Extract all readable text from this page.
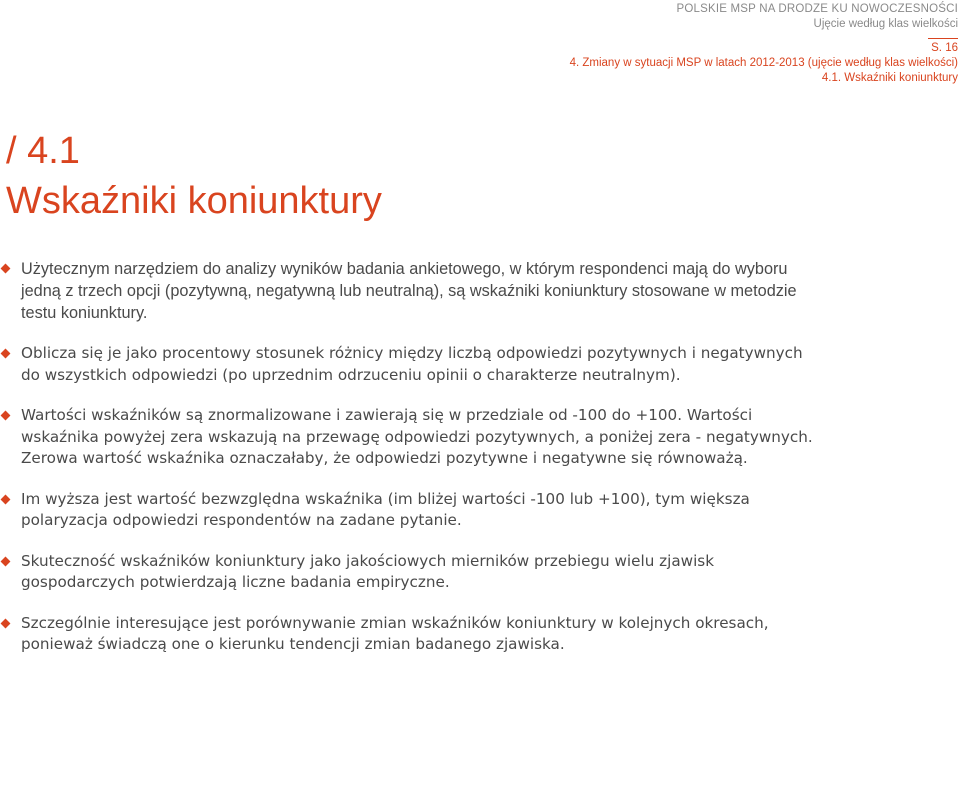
POLSKIE MSP NA DRODZE KU NOWOCZESNOŚCI
Ujęcie według klas wielkości
S. 16
4. Zmiany w sytuacji MSP w latach 2012-2013 (ujęcie według klas wielkości)
4.1. Wskaźniki koniunktury
/ 4.1
Wskaźniki koniunktury
Użytecznym narzędziem do analizy wyników badania ankietowego, w którym respondenci mają do wyboru jedną z trzech opcji (pozytywną, negatywną lub neutralną), są wskaźniki koniunktury stosowane w metodzie testu koniunktury.
Oblicza się je jako procentowy stosunek różnicy między liczbą odpowiedzi pozytywnych i negatywnych do wszystkich odpowiedzi (po uprzednim odrzuceniu opinii o charakterze neutralnym).
Wartości wskaźników są znormalizowane i zawierają się w przedziale od -100 do +100. Wartości wskaźnika powyżej zera wskazują na przewagę odpowiedzi pozytywnych, a poniżej zera - negatywnych. Zerowa wartość wskaźnika oznaczałaby, że odpowiedzi pozytywne i negatywne się równoważą.
Im wyższa jest wartość bezwzględna wskaźnika (im bliżej wartości -100 lub +100), tym większa polaryzacja odpowiedzi respondentów na zadane pytanie.
Skuteczność wskaźników koniunktury jako jakościowych mierników przebiegu wielu zjawisk gospodarczych potwierdzają liczne badania empiryczne.
Szczególnie interesujące jest porównywanie zmian wskaźników koniunktury w kolejnych okresach, ponieważ świadczą one o kierunku tendencji zmian badanego zjawiska.
